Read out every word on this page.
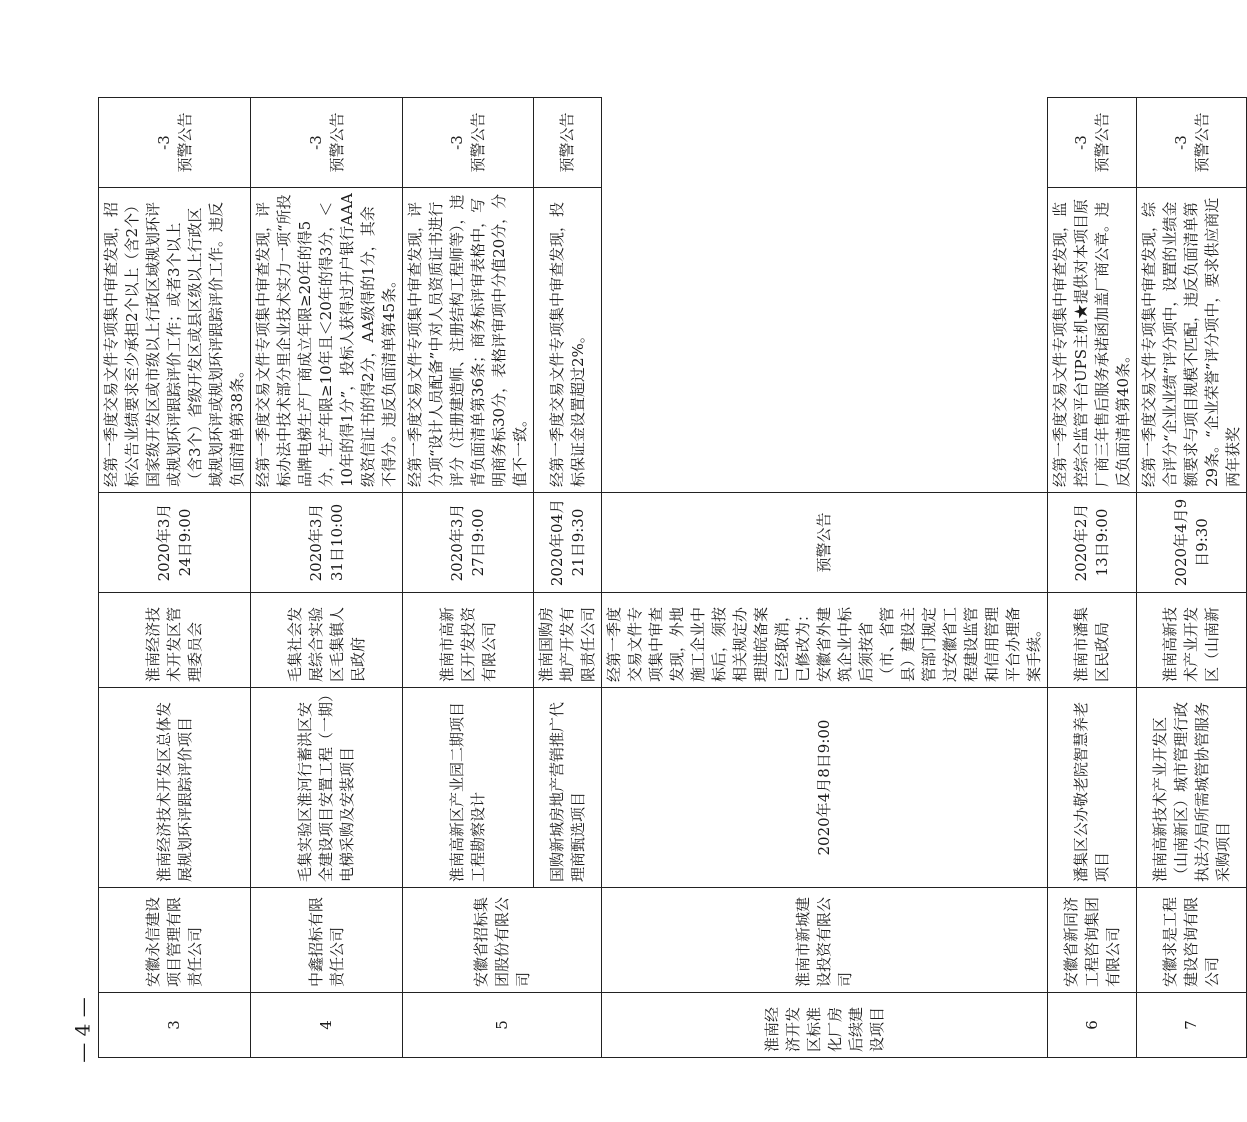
3	安徽永信建设项目管理有限责任公司	淮南经济技术开发区总体发展规划环评跟踪评价项目	淮南经济技术开发区管理委员会	2020年3月24日9:00	经第一季度交易文件专项集中审查发现，招标公告业绩要求至少承担2个以上（含2个）国家级开发区或市级以上行政区域规划环评或规划环评跟踪评价工作；或者3个以上（含3个）省级开发区或县区级以上行政区域规划环评或规划环评跟踪评价工作。违反负面清单第38条。	-3 预警公告
4	中鑫招标有限责任公司	毛集实验区淮河行蓄洪区安全建设项目安置工程（一期）电梯采购及安装项目	毛集社会发展综合实验区毛集镇人民政府	2020年3月31日10:00	经第一季度交易文件专项集中审查发现，评标办法中技术部分里企业技术实力一项“所投品牌电梯生产厂商成立年限≥20年的得5分，生产年限≥10年且＜20年的得3分，＜10年的得1分”，投标人获得过开户银行AAA级资信证书的得2分，AA级得的1分，其余不得分。违反负面清单第45条。	-3 预警公告
5	安徽省招标集团股份有限公司	淮南高新区产业园二期项目工程勘察设计	淮南市高新区开发投资有限公司	2020年3月27日9:00	经第一季度交易文件专项集中审查发现，评分项“设计人员配备”中对人员资质证书进行评分（注册建造师、注册结构工程师等），违背负面清单第36条；商务标评审表格中，写明商务标30分，表格评审项中分值20分，分值不一致。	-3 预警公告
		国购新城房地产营销推广代理商甄选项目	淮南国购房地产开发有限责任公司	2020年04月21日9:30	经第一季度交易文件专项集中审查发现，投标保证金设置超过2%。	预警公告
淮南经济开发区标准化厂房后续建设项目	淮南市新城建设投资有限公司	2020年4月8日9:00	经第一季度交易文件专项集中审查发现，外地施工企业中标后，须按相关规定办理进皖备案已经取消，已修改为：安徽省外建筑企业中标后须按省（市、省管县）建设主管部门规定过安徽省工程建设监管和信用管理平台办理备案手续。	预警公告		
6	安徽省新同济工程咨询集团有限公司	潘集区公办敬老院智慧养老项目	淮南市潘集区民政局	2020年2月13日9:00	经第一季度交易文件专项集中审查发现，监控综合监管平台UPS主机★提供对本项目原厂商三年售后服务承诺函加盖厂商公章。违反负面清单第40条。	-3 预警公告
7	安徽求是工程建设咨询有限公司	淮南高新技术产业开发区（山南新区）城市管理行政执法分局所需城管协管服务采购项目	淮南高新技术产业开发区（山南新	2020年4月9日9:30	经第一季度交易文件专项集中审查发现，综合评分“企业业绩”评分项中，设置的业绩金额要求与项目规模不匹配，违反负面清单第29条。“企业荣誉”评分项中，要求供应商近两年获奖	-3 预警公告
— 4 —
